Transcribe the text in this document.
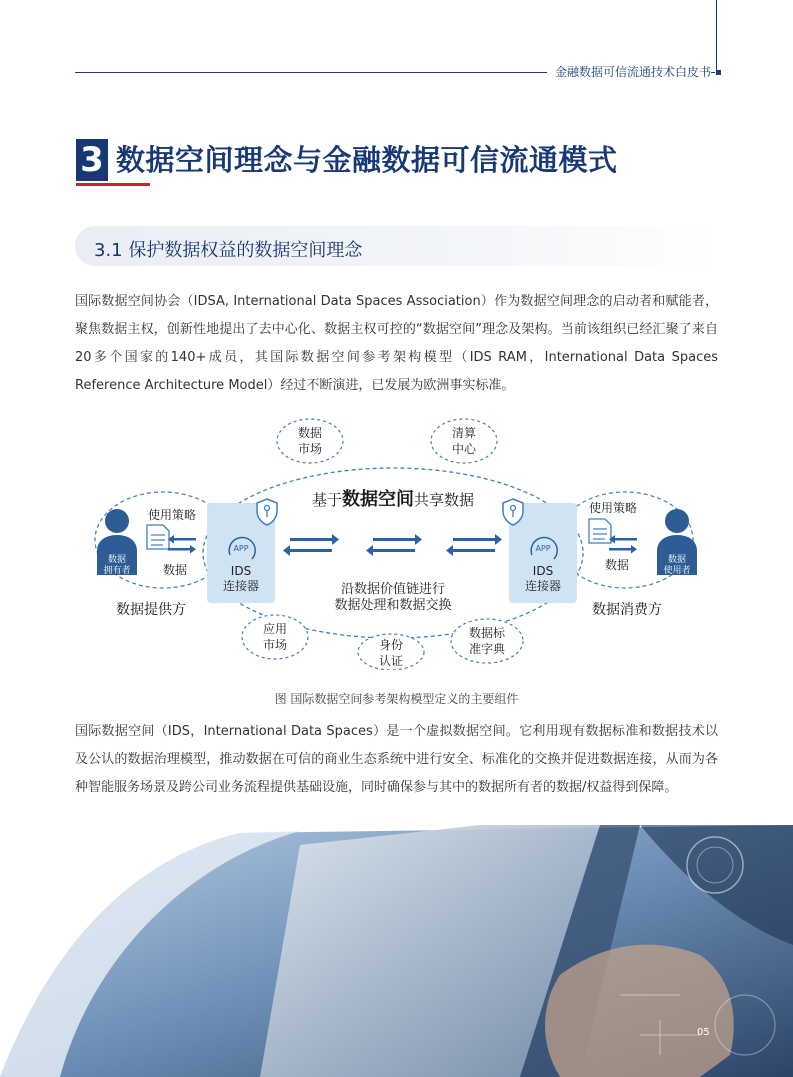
金融数据可信流通技术白皮书
3 数据空间理念与金融数据可信流通模式
3.1 保护数据权益的数据空间理念
国际数据空间协会（IDSA, International Data Spaces Association）作为数据空间理念的启动者和赋能者，聚焦数据主权，创新性地提出了去中心化、数据主权可控的“数据空间”理念及架构。当前该组织已经汇聚了来自20多个国家的140+成员，其国际数据空间参考架构模型（IDS RAM，International Data Spaces Reference Architecture Model）经过不断演进，已发展为欧洲事实标准。
数据
市场
清算
中心
应用
市场	身份
认证
数据标
准字典
基于数据空间共享数据
沿数据价值链进行
数据处理和数据交换
APP
IDS
连接器
APP
IDS
连接器
数据
拥有者
使用策略
数据
数据提供方
数据
使用者
使用策略
数据
数据消费方
图 国际数据空间参考架构模型定义的主要组件
国际数据空间（IDS，International Data Spaces）是一个虚拟数据空间。它利用现有数据标准和数据技术以及公认的数据治理模型，推动数据在可信的商业生态系统中进行安全、标准化的交换并促进数据连接，从而为各种智能服务场景及跨公司业务流程提供基础设施，同时确保参与其中的数据所有者的数据/权益得到保障。
05
